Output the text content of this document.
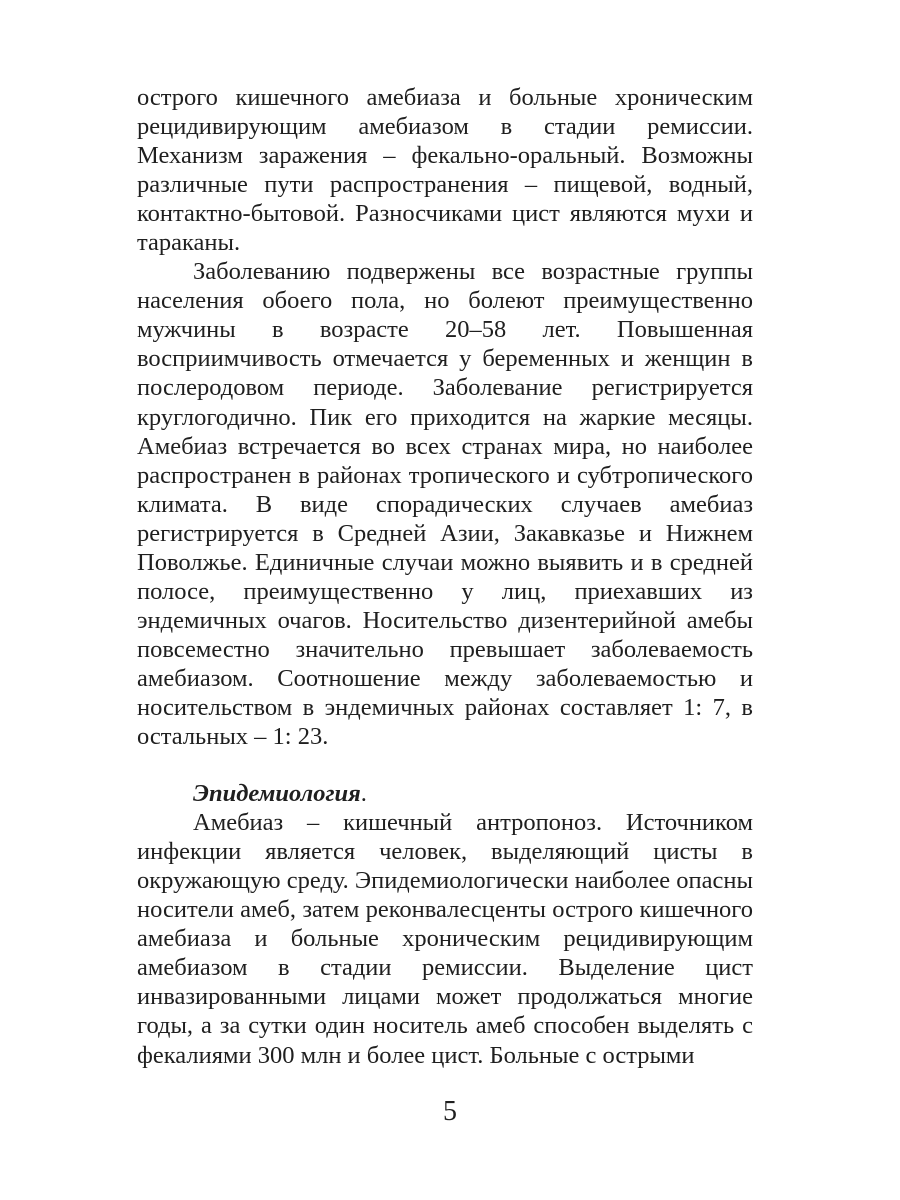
острого кишечного амебиаза и больные хроническим рецидивирующим амебиазом в стадии ремиссии. Механизм заражения – фекально-оральный. Возможны различные пути распространения – пищевой, водный, контактно-бытовой. Разносчиками цист являются мухи и тараканы.

Заболеванию подвержены все возрастные группы населения обоего пола, но болеют преимущественно мужчины в возрасте 20–58 лет. Повышенная восприимчивость отмечается у беременных и женщин в послеродовом периоде. Заболевание регистрируется круглогодично. Пик его приходится на жаркие месяцы. Амебиаз встречается во всех странах мира, но наиболее распространен в районах тропического и субтропического климата. В виде спорадических случаев амебиаз регистрируется в Средней Азии, Закавказье и Нижнем Поволжье. Единичные случаи можно выявить и в средней полосе, преимущественно у лиц, приехавших из эндемичных очагов. Носительство дизентерийной амебы повсеместно значительно превышает заболеваемость амебиазом. Соотношение между заболеваемостью и носительством в эндемичных районах составляет 1: 7, в остальных – 1: 23.

Эпидемиология.

Амебиаз – кишечный антропоноз. Источником инфекции является человек, выделяющий цисты в окружающую среду. Эпидемиологически наиболее опасны носители амеб, затем реконвалесценты острого кишечного амебиаза и больные хроническим рецидивирующим амебиазом в стадии ремиссии. Выделение цист инвазированными лицами может продолжаться многие годы, а за сутки один носитель амеб способен выделять с фекалиями 300 млн и более цист. Больные с острыми

5
